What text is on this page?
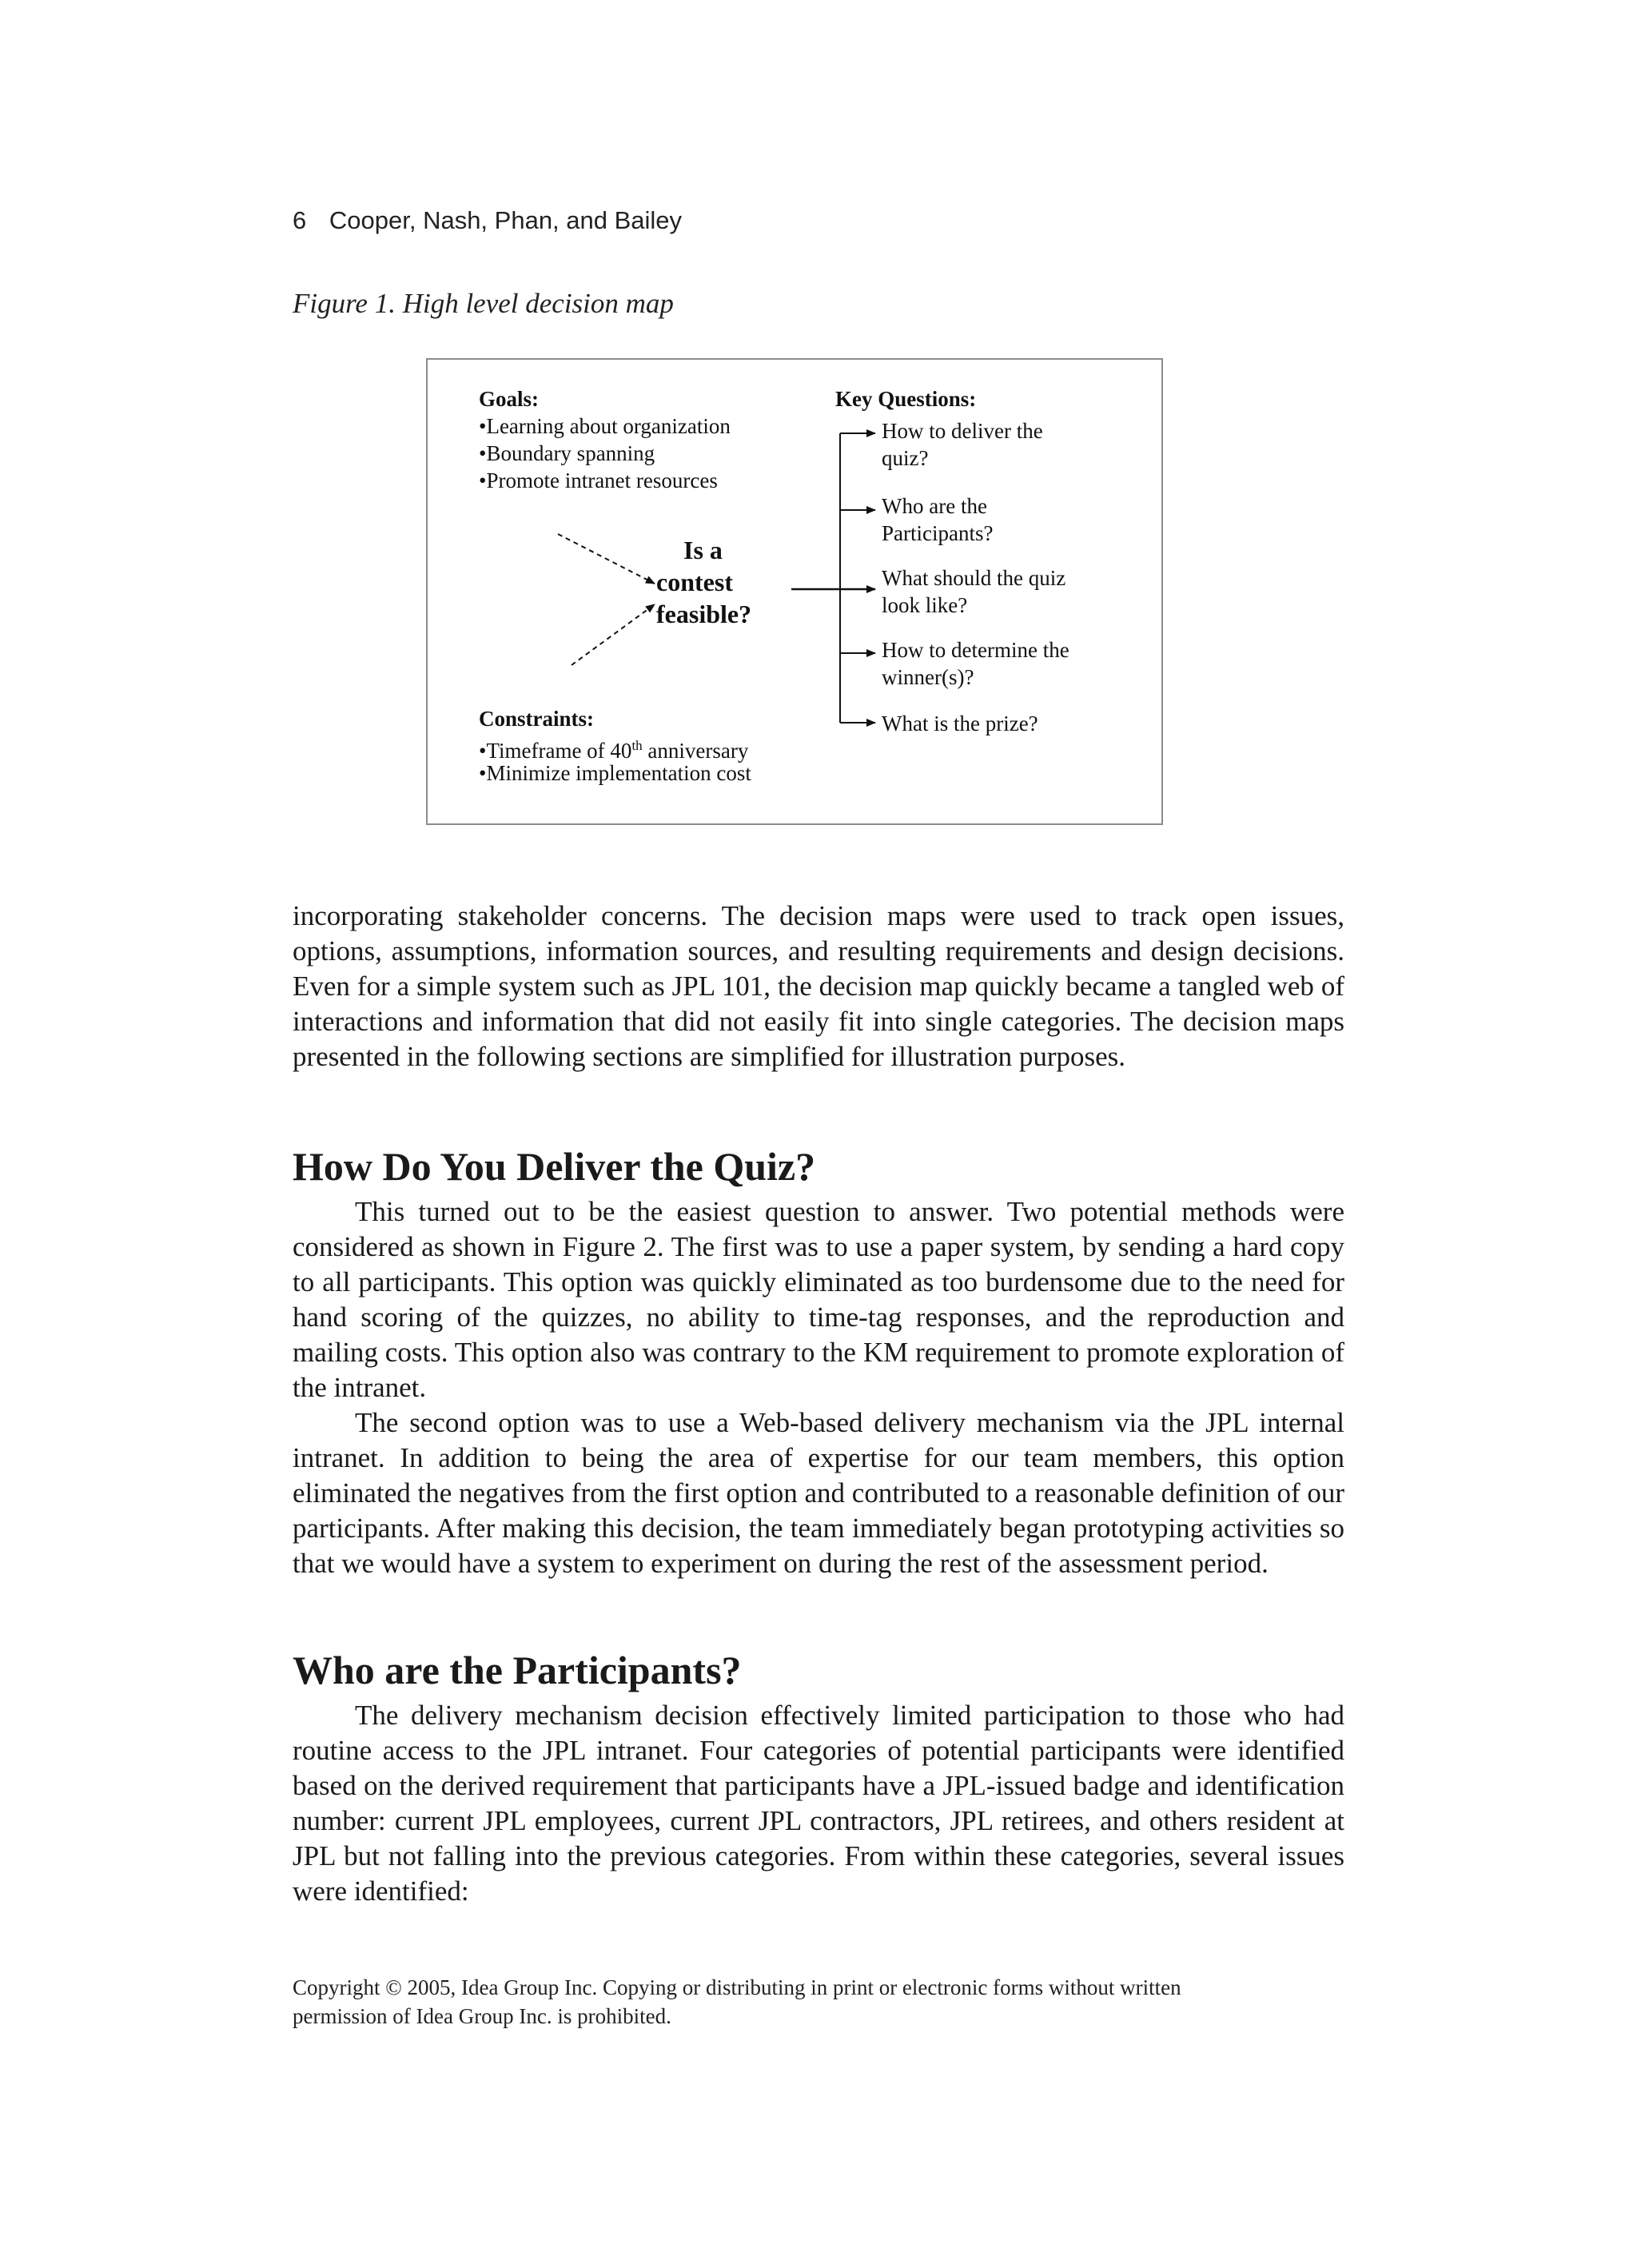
6 Cooper, Nash, Phan, and Bailey
Figure 1. High level decision map
Goals:
•Learning about organization
•Boundary spanning
•Promote intranet resources
Is a
contest
feasible?
Constraints:
•Timeframe of 40th anniversary
•Minimize implementation cost
Key Questions:
How to deliver the
quiz?
Who are the
Participants?
What should the quiz
look like?
How to determine the
winner(s)?
What is the prize?

incorporating stakeholder concerns. The decision maps were used to track open issues, options, assumptions, information sources, and resulting requirements and design decisions. Even for a simple system such as JPL 101, the decision map quickly became a tangled web of interactions and information that did not easily fit into single categories. The decision maps presented in the following sections are simplified for illustration purposes.

How Do You Deliver the Quiz?

This turned out to be the easiest question to answer. Two potential methods were considered as shown in Figure 2. The first was to use a paper system, by sending a hard copy to all participants. This option was quickly eliminated as too burdensome due to the need for hand scoring of the quizzes, no ability to time-tag responses, and the reproduction and mailing costs. This option also was contrary to the KM requirement to promote exploration of the intranet.

The second option was to use a Web-based delivery mechanism via the JPL internal intranet. In addition to being the area of expertise for our team members, this option eliminated the negatives from the first option and contributed to a reasonable definition of our participants. After making this decision, the team immediately began prototyping activities so that we would have a system to experiment on during the rest of the assessment period.

Who are the Participants?

The delivery mechanism decision effectively limited participation to those who had routine access to the JPL intranet. Four categories of potential participants were identified based on the derived requirement that participants have a JPL-issued badge and identification number: current JPL employees, current JPL contractors, JPL retirees, and others resident at JPL but not falling into the previous categories. From within these categories, several issues were identified:

Copyright © 2005, Idea Group Inc. Copying or distributing in print or electronic forms without written
permission of Idea Group Inc. is prohibited.
